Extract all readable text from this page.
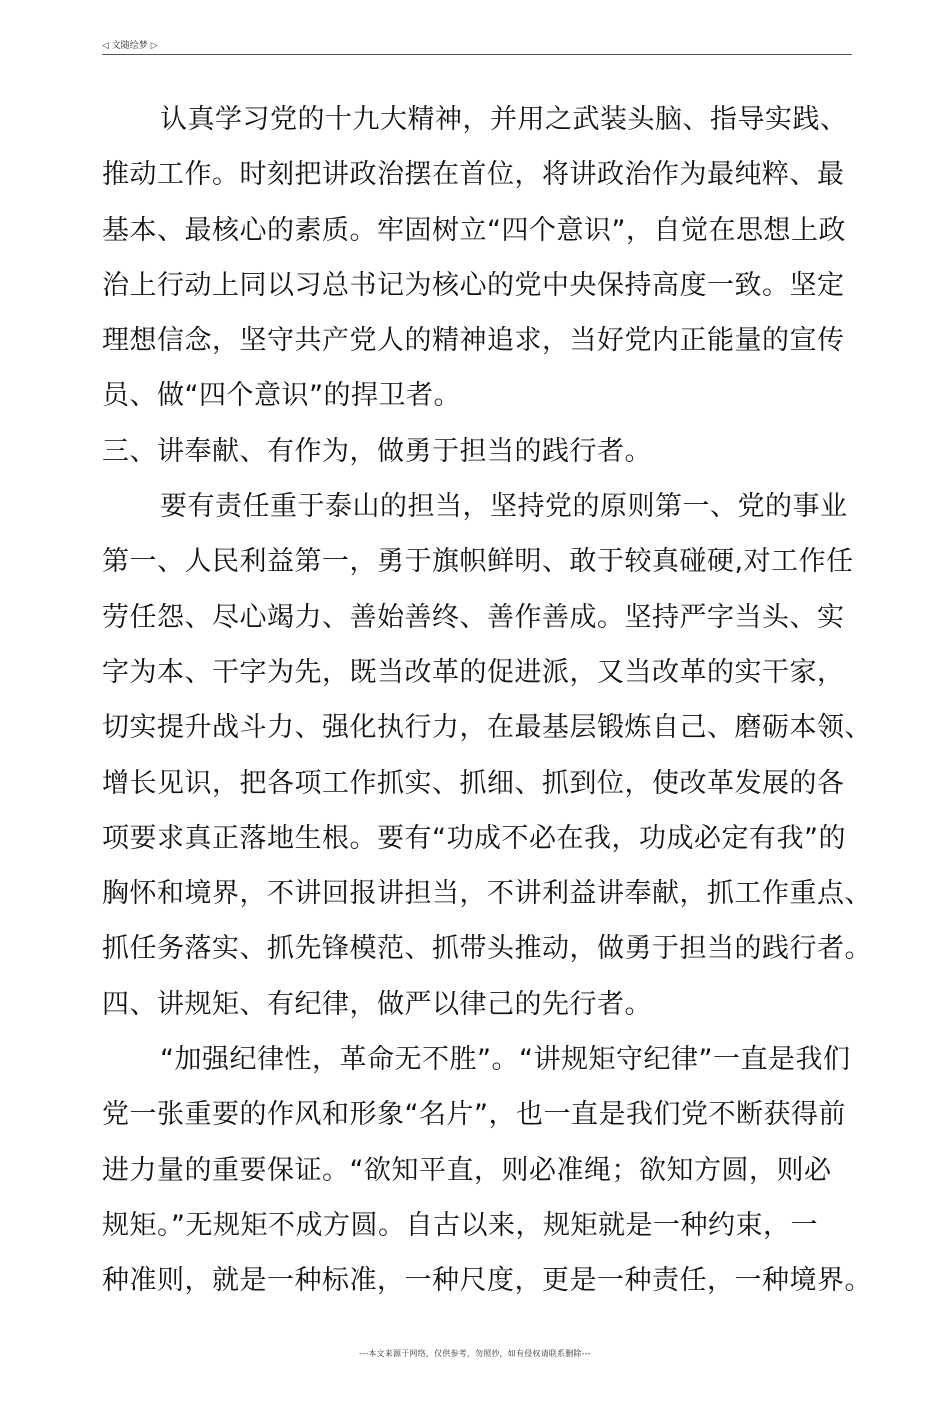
◁ 文随绘梦 ▷
认真学习党的十九大精神，并用之武装头脑、指导实践、
推动工作。时刻把讲政治摆在首位，将讲政治作为最纯粹、最
基本、最核心的素质。牢固树立“四个意识”，自觉在思想上政
治上行动上同以习总书记为核心的党中央保持高度一致。坚定
理想信念，坚守共产党人的精神追求，当好党内正能量的宣传
员、做“四个意识”的捍卫者。
三、讲奉献、有作为，做勇于担当的践行者。
要有责任重于泰山的担当，坚持党的原则第一、党的事业
第一、人民利益第一，勇于旗帜鲜明、敢于较真碰硬,对工作任
劳任怨、尽心竭力、善始善终、善作善成。坚持严字当头、实
字为本、干字为先，既当改革的促进派，又当改革的实干家，
切实提升战斗力、强化执行力，在最基层锻炼自己、磨砺本领、
增长见识，把各项工作抓实、抓细、抓到位，使改革发展的各
项要求真正落地生根。要有“功成不必在我，功成必定有我”的
胸怀和境界，不讲回报讲担当，不讲利益讲奉献，抓工作重点、
抓任务落实、抓先锋模范、抓带头推动，做勇于担当的践行者。
四、讲规矩、有纪律，做严以律己的先行者。
“加强纪律性，革命无不胜”。“讲规矩守纪律”一直是我们
党一张重要的作风和形象“名片”，也一直是我们党不断获得前
进力量的重要保证。“欲知平直，则必准绳；欲知方圆，则必
规矩。”无规矩不成方圆。自古以来，规矩就是一种约束，一
种准则，就是一种标准，一种尺度，更是一种责任，一种境界。
---本文来源于网络，仅供参考，勿照抄，如有侵权请联系删除---
